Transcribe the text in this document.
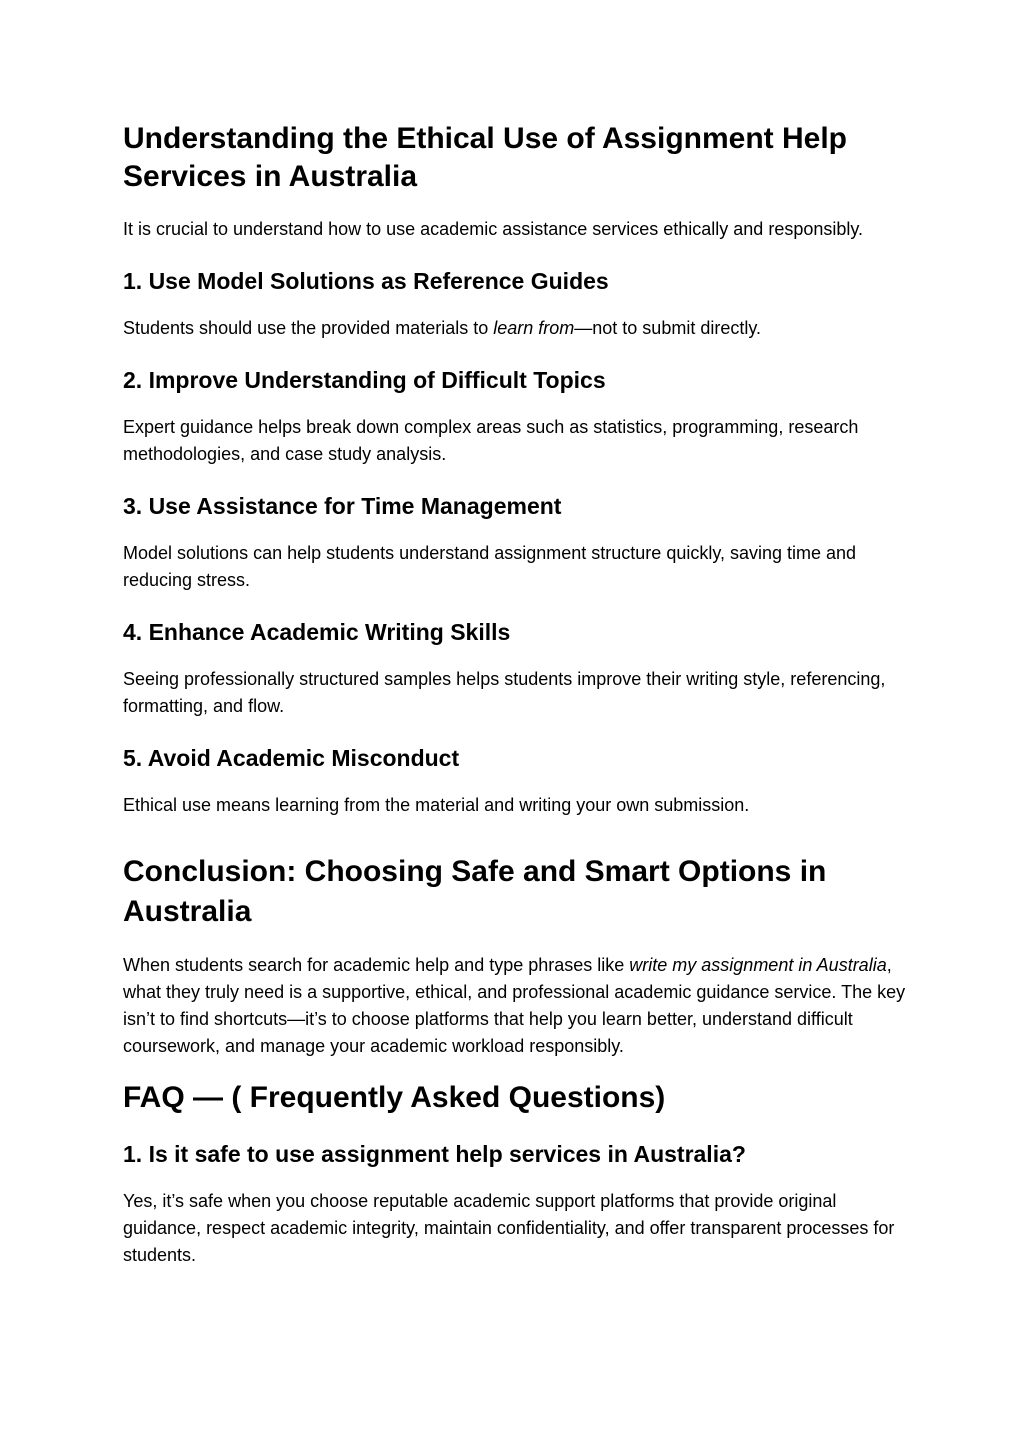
Understanding the Ethical Use of Assignment Help Services in Australia

It is crucial to understand how to use academic assistance services ethically and responsibly.

1. Use Model Solutions as Reference Guides

Students should use the provided materials to learn from—not to submit directly.

2. Improve Understanding of Difficult Topics

Expert guidance helps break down complex areas such as statistics, programming, research methodologies, and case study analysis.

3. Use Assistance for Time Management

Model solutions can help students understand assignment structure quickly, saving time and reducing stress.

4. Enhance Academic Writing Skills

Seeing professionally structured samples helps students improve their writing style, referencing, formatting, and flow.

5. Avoid Academic Misconduct

Ethical use means learning from the material and writing your own submission.

Conclusion: Choosing Safe and Smart Options in Australia

When students search for academic help and type phrases like write my assignment in Australia, what they truly need is a supportive, ethical, and professional academic guidance service. The key isn’t to find shortcuts—it’s to choose platforms that help you learn better, understand difficult coursework, and manage your academic workload responsibly.

FAQ — ( Frequently Asked Questions)
1. Is it safe to use assignment help services in Australia?

Yes, it’s safe when you choose reputable academic support platforms that provide original guidance, respect academic integrity, maintain confidentiality, and offer transparent processes for students.
